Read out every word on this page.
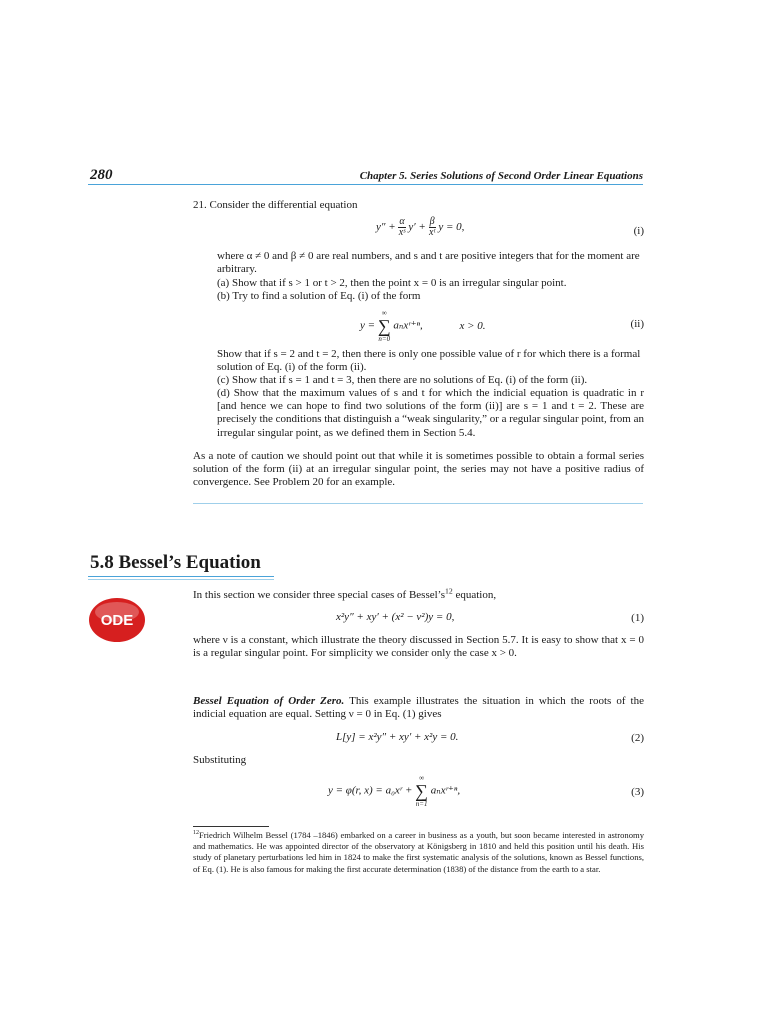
280	Chapter 5. Series Solutions of Second Order Linear Equations
21. Consider the differential equation
$y'' + \frac{\alpha}{\text{xˢ}} y' + \frac{\beta}{\text{xᵗ}}$ y = 0,	(i)
where α ≠ 0 and β ≠ 0 are real numbers, and s and t are positive integers that for the moment are arbitrary.
(a) Show that if s > 1 or t > 2, then the point x = 0 is an irregular singular point.
(b) Try to find a solution of Eq. (i) of the form
y =
∞
∑
n=0
aₙxʳ⁺ⁿ,	x > 0.	(ii)
Show that if s = 2 and t = 2, then there is only one possible value of r for which there is a formal solution of Eq. (i) of the form (ii).
(c) Show that if s = 1 and t = 3, then there are no solutions of Eq. (i) of the form (ii).
(d) Show that the maximum values of s and t for which the indicial equation is quadratic in r [and hence we can hope to find two solutions of the form (ii)] are s = 1 and t = 2. These are precisely the conditions that distinguish a “weak singularity,” or a regular singular point, from an irregular singular point, as we defined them in Section 5.4.
As a note of caution we should point out that while it is sometimes possible to obtain a formal series solution of the form (ii) at an irregular singular point, the series may not have a positive radius of convergence. See Problem 20 for an example.
5.8 Bessel’s Equation
ODE
In this section we consider three special cases of $Bessel’s^{12}$ equation,
x²y″ + xy′ + (x² − ν²)y = 0,	(1)
where ν is a constant, which illustrate the theory discussed in Section 5.7. It is easy to show that x = 0 is a regular singular point. For simplicity we consider only the case x > 0.
Bessel Equation of Order Zero. This example illustrates the situation in which the roots of the indicial equation are equal. Setting ν = 0 in Eq. (1) gives
L[y] = x²y″ + xy′ + x²y = 0.	(2)
Substituting
y = φ(r, x) = a₀xʳ +
∞
∑
n=1
aₙxʳ⁺ⁿ,	(3)
$^{12}$Friedrich Wilhelm Bessel (1784 –1846) embarked on a career in business as a youth, but soon became interested in astronomy and mathematics. He was appointed director of the observatory at Königsberg in 1810 and held this position until his death. His study of planetary perturbations led him in 1824 to make the first systematic analysis of the solutions, known as Bessel functions, of Eq. (1). He is also famous for making the first accurate determination (1838) of the distance from the earth to a star.
